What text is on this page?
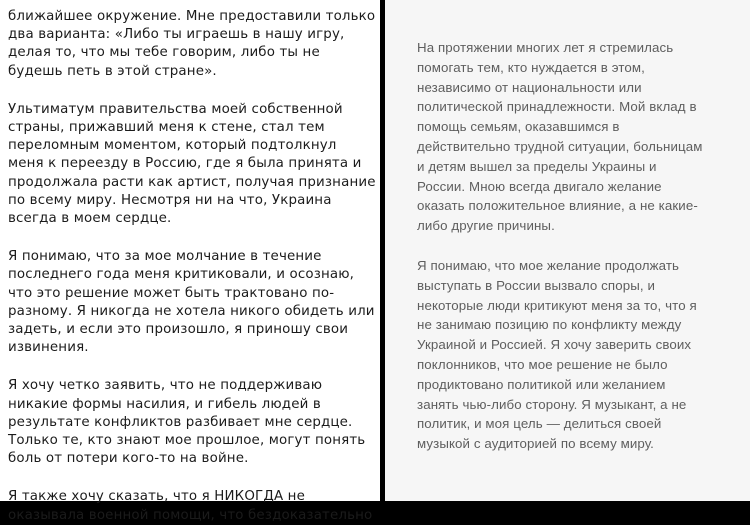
ближайшее окружение. Мне предоставили только
два варианта: «Либо ты играешь в нашу игру,
делая то, что мы тебе говорим, либо ты не
будешь петь в этой стране».

Ультиматум правительства моей собственной
страны, прижавший меня к стене, стал тем
переломным моментом, который подтолкнул
меня к переезду в Россию, где я была принята и
продолжала расти как артист, получая признание
по всему миру. Несмотря ни на что, Украина
всегда в моем сердце.

Я понимаю, что за мое молчание в течение
последнего года меня критиковали, и осознаю,
что это решение может быть трактовано по-
разному. Я никогда не хотела никого обидеть или
задеть, и если это произошло, я приношу свои
извинения.

Я хочу четко заявить, что не поддерживаю
никакие формы насилия, и гибель людей в
результате конфликтов разбивает мне сердце.
Только те, кто знают мое прошлое, могут понять
боль от потери кого-то на войне.

Я также хочу сказать, что я НИКОГДА не
оказывала военной помощи, что бездоказательно

На протяжении многих лет я стремилась
помогать тем, кто нуждается в этом,
независимо от национальности или
политической принадлежности. Мой вклад в
помощь семьям, оказавшимся в
действительно трудной ситуации, больницам
и детям вышел за пределы Украины и
России. Мною всегда двигало желание
оказать положительное влияние, а не какие-
либо другие причины.

Я понимаю, что мое желание продолжать
выступать в России вызвало споры, и
некоторые люди критикуют меня за то, что я
не занимаю позицию по конфликту между
Украиной и Россией. Я хочу заверить своих
поклонников, что мое решение не было
продиктовано политикой или желанием
занять чью-либо сторону. Я музыкант, а не
политик, и моя цель — делиться своей
музыкой с аудиторией по всему миру.
